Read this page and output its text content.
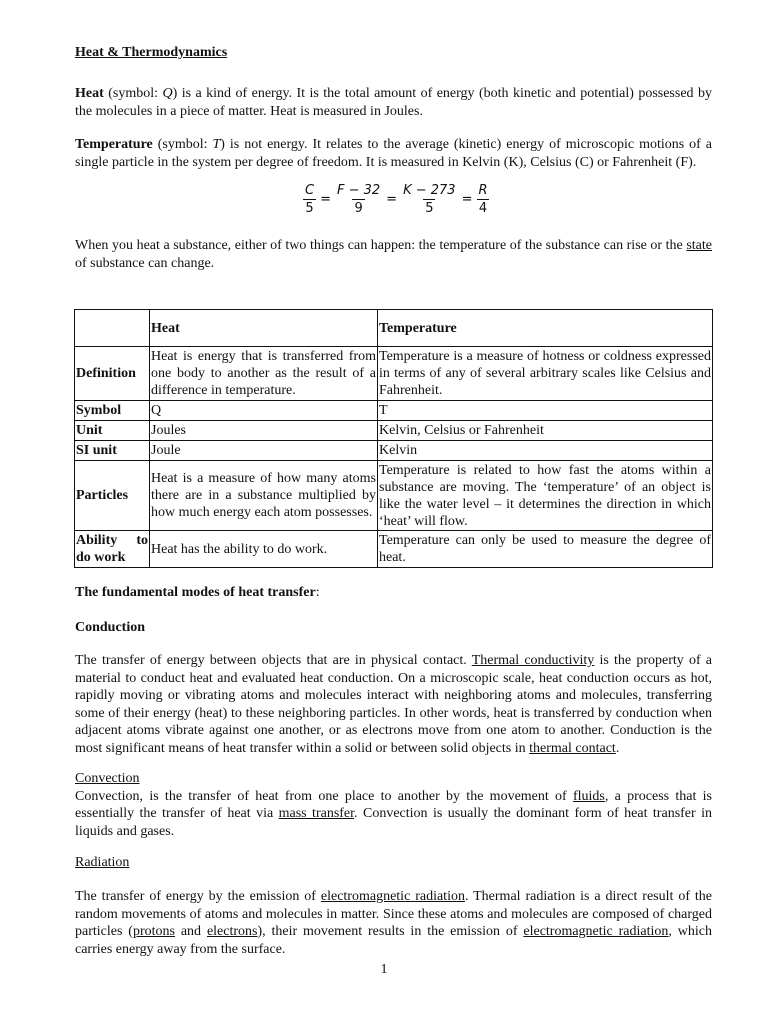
Heat & Thermodynamics
Heat (symbol: Q) is a kind of energy. It is the total amount of energy (both kinetic and potential) possessed by the molecules in a piece of matter. Heat is measured in Joules.
Temperature (symbol: T) is not energy. It relates to the average (kinetic) energy of microscopic motions of a single particle in the system per degree of freedom. It is measured in Kelvin (K), Celsius (C) or Fahrenheit (F).
$\frac{C}{5} = \frac{F - 32}{9} = \frac{K - 273}{5} = \frac{R}{4}$
When you heat a substance, either of two things can happen: the temperature of the substance can rise or the state of substance can change.
	Heat	Temperature
Definition	Heat is energy that is transferred from one body to another as the result of a difference in temperature.	Temperature is a measure of hotness or coldness expressed in terms of any of several arbitrary scales like Celsius and Fahrenheit.
Symbol	Q	T
Unit	Joules	Kelvin, Celsius or Fahrenheit
SI unit	Joule	Kelvin
Particles	Heat is a measure of how many atoms there are in a substance multiplied by how much energy each atom possesses.	Temperature is related to how fast the atoms within a substance are moving. The ‘temperature’ of an object is like the water level – it determines the direction in which ‘heat’ will flow.
Ability to do work	Heat has the ability to do work.	Temperature can only be used to measure the degree of heat.
The fundamental modes of heat transfer:
Conduction
The transfer of energy between objects that are in physical contact. Thermal conductivity is the property of a material to conduct heat and evaluated heat conduction. On a microscopic scale, heat conduction occurs as hot, rapidly moving or vibrating atoms and molecules interact with neighboring atoms and molecules, transferring some of their energy (heat) to these neighboring particles. In other words, heat is transferred by conduction when adjacent atoms vibrate against one another, or as electrons move from one atom to another. Conduction is the most significant means of heat transfer within a solid or between solid objects in thermal contact.
Convection
Convection, is the transfer of heat from one place to another by the movement of fluids, a process that is essentially the transfer of heat via mass transfer. Convection is usually the dominant form of heat transfer in liquids and gases.
Radiation
The transfer of energy by the emission of electromagnetic radiation. Thermal radiation is a direct result of the random movements of atoms and molecules in matter. Since these atoms and molecules are composed of charged particles (protons and electrons), their movement results in the emission of electromagnetic radiation, which carries energy away from the surface.
1
